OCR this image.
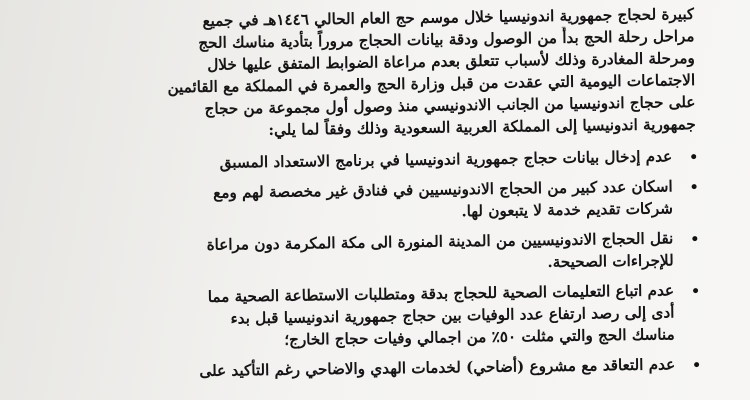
كبيرة لحجاج جمهورية اندونيسيا خلال موسم حج العام الحالي ١٤٤٦هـ في جميع
مراحل رحلة الحج بدأً من الوصول ودقة بيانات الحجاج مروراً بتأدية مناسك الحج
ومرحلة المغادرة وذلك لأسباب تتعلق بعدم مراعاة الضوابط المتفق عليها خلال
الاجتماعات اليومية التي عقدت من قبل وزارة الحج والعمرة في المملكة مع القائمين
على حجاج اندونيسيا من الجانب الاندونيسي منذ وصول أول مجموعة من حجاج
جمهورية اندونيسيا إلى المملكة العربية السعودية وذلك وفقاً لما يلي:

عدم إدخال بيانات حجاج جمهورية اندونيسيا في برنامج الاستعداد المسبق
اسكان عدد كبير من الحجاج الاندونيسيين في فنادق غير مخصصة لهم ومع
شركات تقديم خدمة لا يتبعون لها.
نقل الحجاج الاندونيسيين من المدينة المنورة الى مكة المكرمة دون مراعاة
للإجراءات الصحيحة.
عدم اتباع التعليمات الصحية للحجاج بدقة ومتطلبات الاستطاعة الصحية مما
أدى إلى رصد ارتفاع عدد الوفيات بين حجاج جمهورية اندونيسيا قبل بدء
مناسك الحج والتي مثلت ٥٠٪ من اجمالي وفيات حجاج الخارج؛
عدم التعاقد مع مشروع (أضاحي) لخدمات الهدي والاضاحي رغم التأكيد على
